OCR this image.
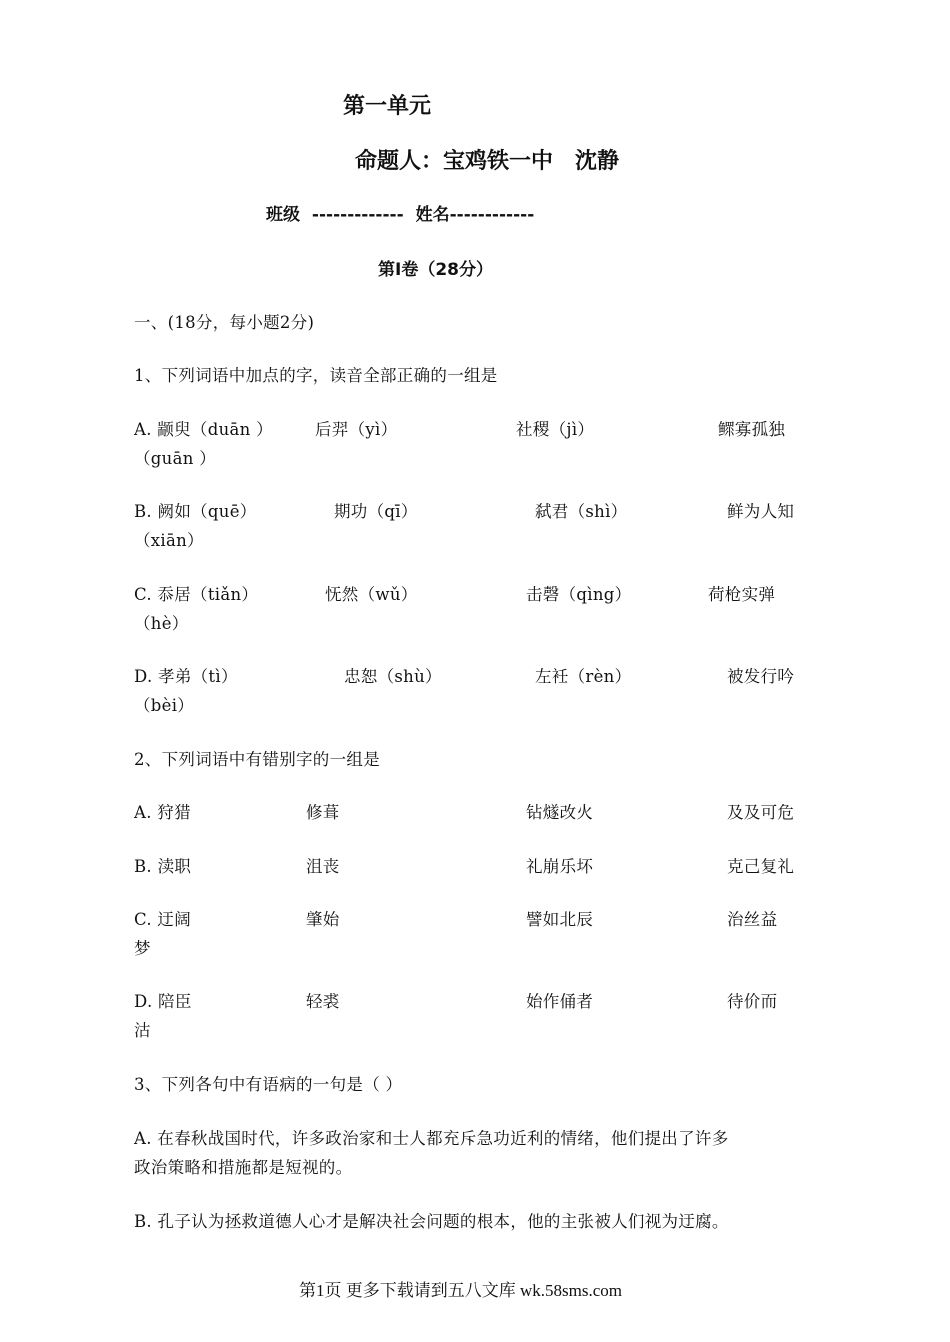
第一单元
命题人：宝鸡铁一中　沈静
班级 ------------- 姓名------------
第Ⅰ卷（28分）
一、(18分，每小题2分)
1、下列词语中加点的字，读音全部正确的一组是
A. 颛臾（duān ）	后羿（yì）	社稷（jì）	鳏寡孤独
（guān ）
B. 阙如（quē）	期功（qī）	弑君（shì）	鲜为人知
（xiān）
C. 忝居（tiǎn）	怃然（wǔ）	击磬（qìng）	荷枪实弹
（hè）
D. 孝弟（tì）	忠恕（shù）	左衽（rèn）	被发行吟
（bèi）
2、下列词语中有错别字的一组是
A. 狩猎	修葺	钻燧改火	及及可危
B. 渎职	沮丧	礼崩乐坏	克己复礼
C. 迂阔	肇始	譬如北辰	治丝益
梦
D. 陪臣	轻裘	始作俑者	待价而
沽
3、下列各句中有语病的一句是（ ）
A. 在春秋战国时代，许多政治家和士人都充斥急功近利的情绪，他们提出了许多
政治策略和措施都是短视的。
B. 孔子认为拯救道德人心才是解决社会问题的根本，他的主张被人们视为迂腐。
第1页 更多下载请到五八文库 wk.58sms.com
